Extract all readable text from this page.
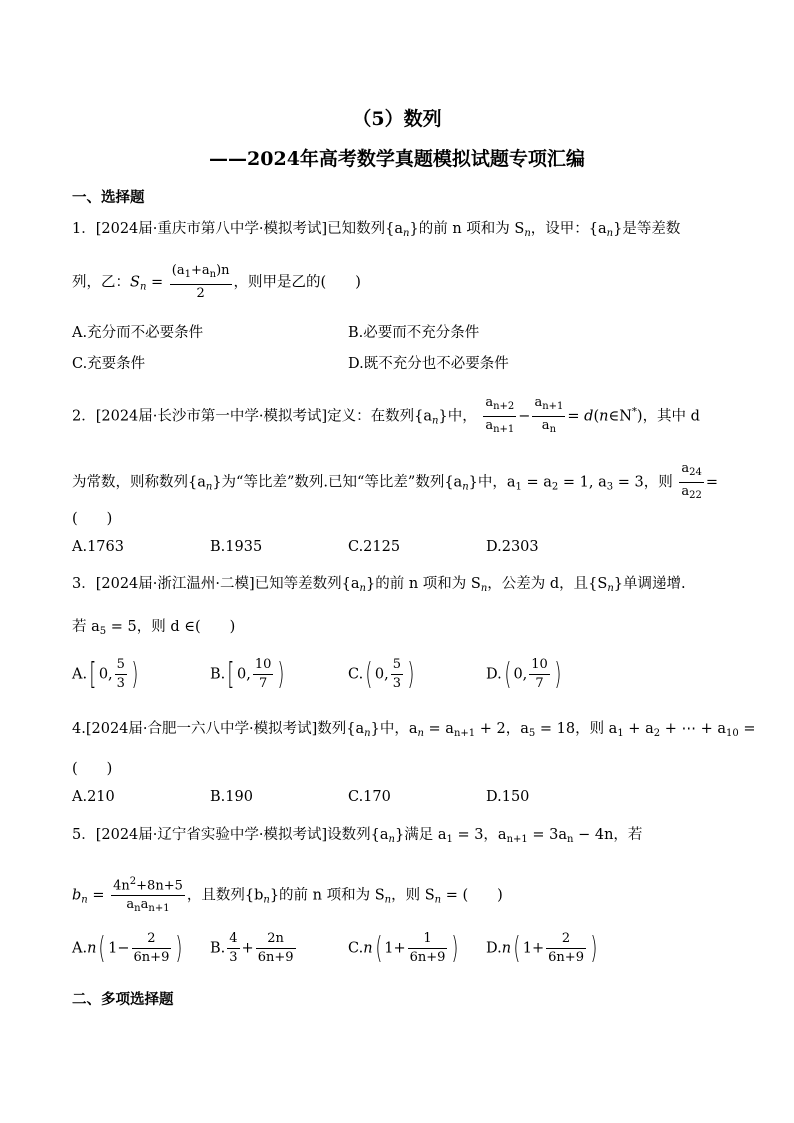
（5）数列
——2024年高考数学真题模拟试题专项汇编
一、选择题
1．[2024届·重庆市第八中学·模拟考试]已知数列$\{a_n\}$的前 n 项和为 $S_n$，设甲：$\{a_n\}$是等差数
列，乙：$S_n = \frac{(a_1+a_n)n}{2}$ ，则甲是乙的(　　)
A.充分而不必要条件	B.必要而不充分条件
C.充要条件	D.既不充分也不必要条件
2．[2024届·长沙市第一中学·模拟考试]定义：在数列$\{a_n\}$中， $\frac{a_{n+2}}{a_{n+1}} - \frac{a_{n+1}}{a_n}$ = d(n∈N*)，其中 d
为常数，则称数列$\{a_n\}$为“等比差”数列.已知“等比差”数列$\{a_n\}$中，$a_1 = a_2 = 1$, $a_3 = 3$，则 $\frac{a_{24}}{a_{22}}$ =
(　　)
A.1763	B.1935	C.2125	D.2303
3．[2024届·浙江温州·二模]已知等差数列$\{a_n\}$的前 n 项和为 $S_n$，公差为 d，且$\{S_n\}$单调递增.
若 $a_5 = 5$，则 d ∈(　　)
A.[ 0, $\frac{5}{3}$ )	B.[ 0, $\frac{10}{7}$ )	C.( 0, $\frac{5}{3}$ )	D.( 0, $\frac{10}{7}$ )
4.[2024届·合肥一六八中学·模拟考试]数列$\{a_n\}$中，$a_n = a_{n+1} + 2$，$a_5 = 18$，则 $a_1 + a_2$ + ⋯ + $a_{10}$ =
(　　)
A.210	B.190	C.170	D.150
5．[2024届·辽宁省实验中学·模拟考试]设数列$\{a_n\}$满足 $a_1 = 3$，$a_{n+1} = 3a_n - 4n$，若
$b_n = \frac{4n^2+8n+5}{a_na_{n+1}}$ ，且数列$\{b_n\}$的前 n 项和为 $S_n$，则 $S_n$ = (　　)
A.n( $1- \frac{2}{6n+9}$ ) B. $\frac{4}{3} + \frac{2n}{6n+9}$	C.n( $1+ \frac{1}{6n+9}$ ) D.n( $1+ \frac{2}{6n+9}$ )
二、多项选择题
